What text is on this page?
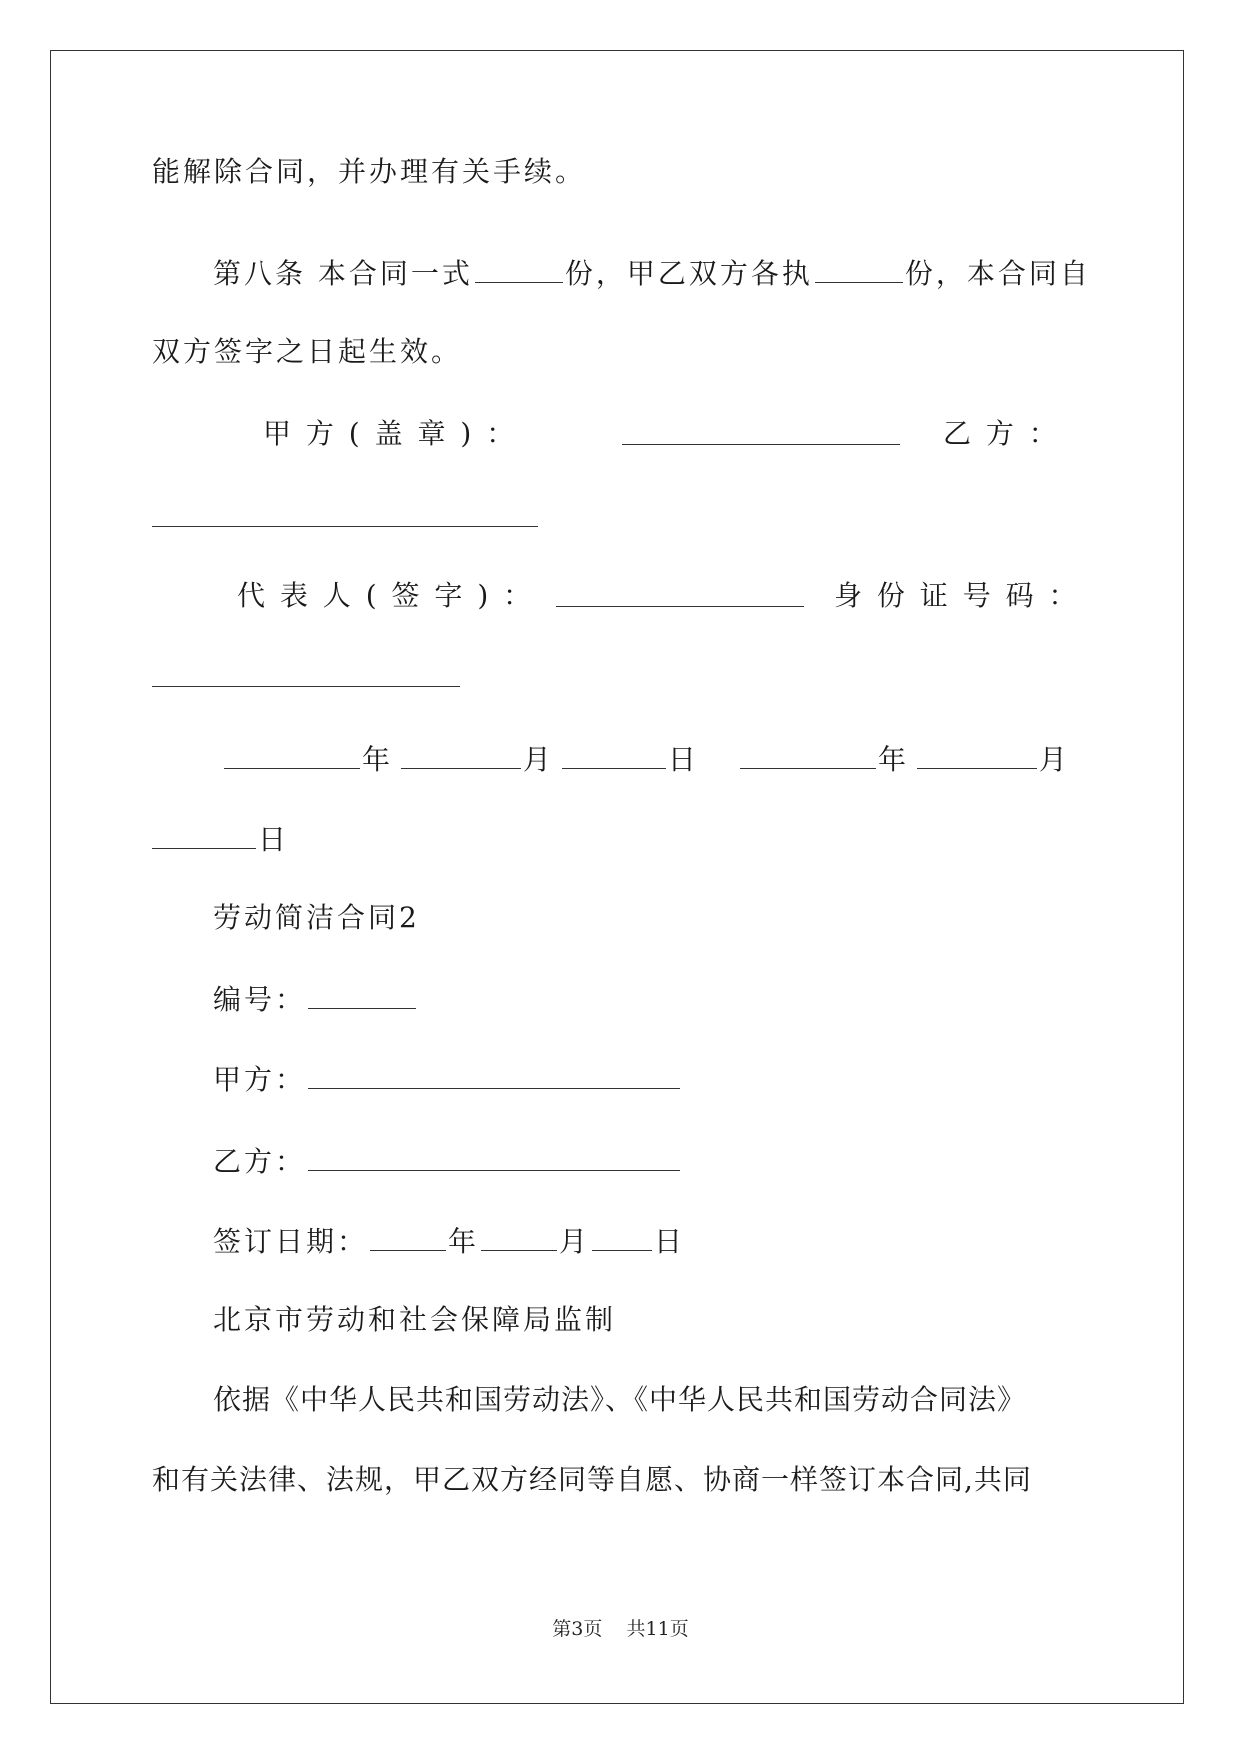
能解除合同，并办理有关手续。
第八条 本合同一式	份，甲乙双方各执	份，本合同自
双方签字之日起生效。
甲 方 ( 盖 章 ) ：	乙 方 ：
代 表 人 ( 签 字 ) ：	身 份 证 号 码 ：
年	月	日	年	月
日
劳动简洁合同2
编号：
甲方：
乙方：
签订日期：	年	月 日
北京市劳动和社会保障局监制
依据《中华人民共和国劳动法》、《中华人民共和国劳动合同法》
和有关法律、法规，甲乙双方经同等自愿、协商一样签订本合同,共同
第3页    共11页
